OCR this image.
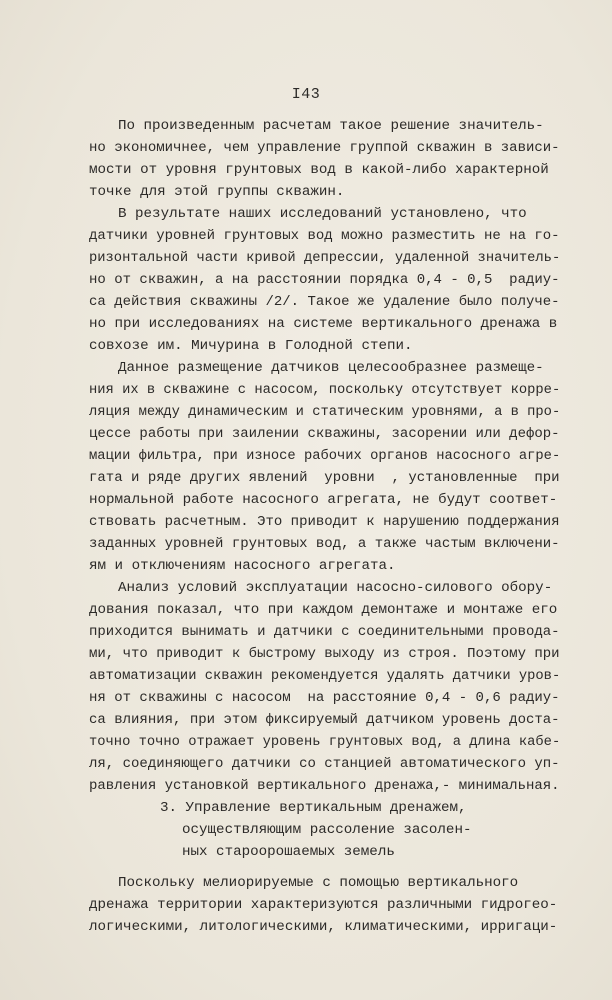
I43
По произведенным расчетам такое решение значитель-
но экономичнее, чем управление группой скважин в зависи-
мости от уровня грунтовых вод в какой-либо характерной
точке для этой группы скважин.
В результате наших исследований установлено, что
датчики уровней грунтовых вод можно разместить не на го-
ризонтальной части кривой депрессии, удаленной значитель-
но от скважин, а на расстоянии порядка 0,4 - 0,5  радиу-
са действия скважины /2/. Такое же удаление было получе-
но при исследованиях на системе вертикального дренажа в
совхозе им. Мичурина в Голодной степи.
Данное размещение датчиков целесообразнее размеще-
ния их в скважине с насосом, поскольку отсутствует корре-
ляция между динамическим и статическим уровнями, а в про-
цессе работы при заилении скважины, засорении или дефор-
мации фильтра, при износе рабочих органов насосного агре-
гата и ряде других явлений  уровни  , установленные  при
нормальной работе насосного агрегата, не будут соответ-
ствовать расчетным. Это приводит к нарушению поддержания
заданных уровней грунтовых вод, а также частым включени-
ям и отключениям насосного агрегата.
Анализ условий эксплуатации насосно-силового обору-
дования показал, что при каждом демонтаже и монтаже его
приходится вынимать и датчики с соединительными провода-
ми, что приводит к быстрому выходу из строя. Поэтому при
автоматизации скважин рекомендуется удалять датчики уров-
ня от скважины с насосом  на расстояние 0,4 - 0,6 радиу-
са влияния, при этом фиксируемый датчиком уровень доста-
точно точно отражает уровень грунтовых вод, а длина кабе-
ля, соединяющего датчики со станцией автоматического уп-
равления установкой вертикального дренажа,- минимальная.
3. Управление вертикальным дренажем,
осуществляющим рассоление засолен-
ных староорошаемых земель
Поскольку мелиорируемые с помощью вертикального
дренажа территории характеризуются различными гидрогео-
логическими, литологическими, климатическими, ирригаци-
